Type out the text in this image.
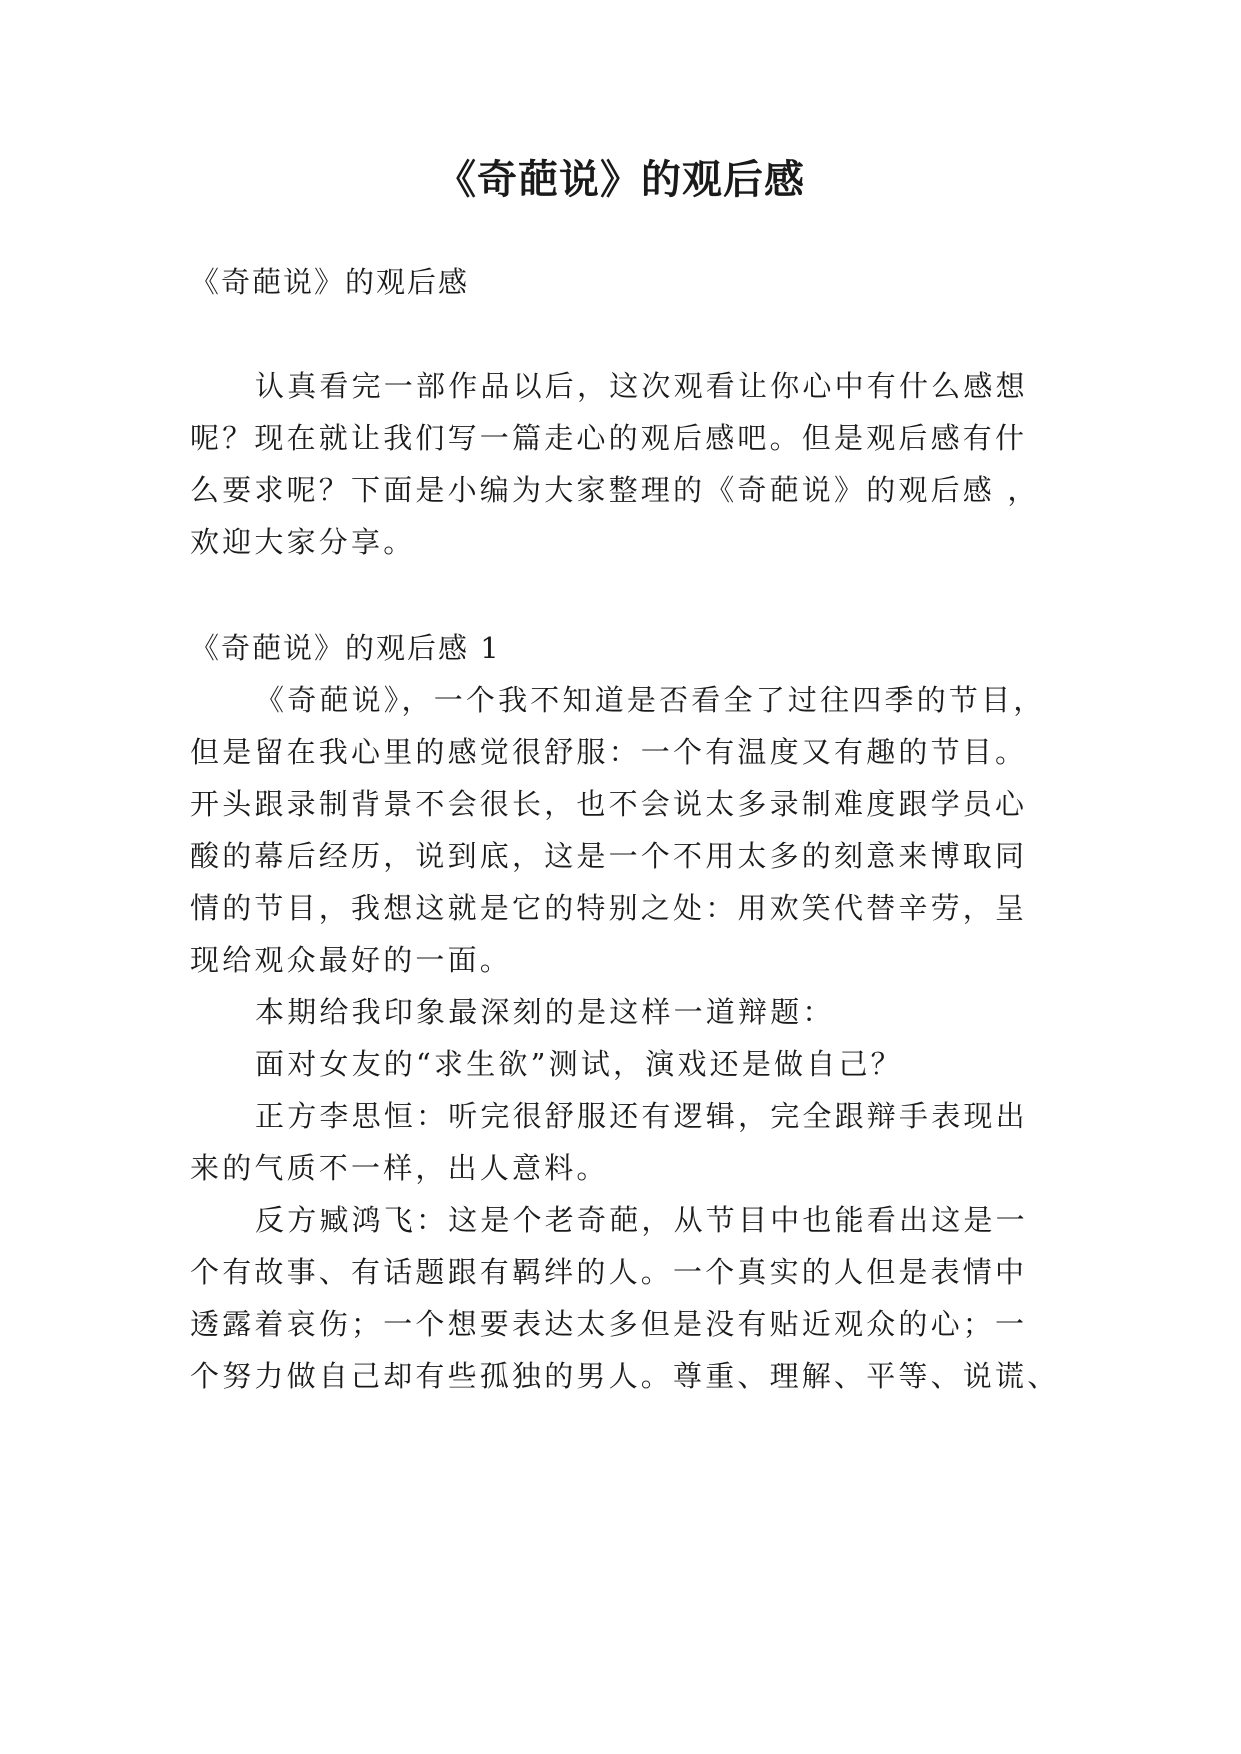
《奇葩说》的观后感

《奇葩说》的观后感

认真看完一部作品以后，这次观看让你心中有什么感想

呢？现在就让我们写一篇走心的观后感吧。但是观后感有什

么要求呢？下面是小编为大家整理的《奇葩说》的观后感 ，

欢迎大家分享。

《奇葩说》的观后感 1

《奇葩说》，一个我不知道是否看全了过往四季的节目，

但是留在我心里的感觉很舒服：一个有温度又有趣的节目。

开头跟录制背景不会很长，也不会说太多录制难度跟学员心

酸的幕后经历，说到底，这是一个不用太多的刻意来博取同

情的节目，我想这就是它的特别之处：用欢笑代替辛劳，呈

现给观众最好的一面。

本期给我印象最深刻的是这样一道辩题：

面对女友的“求生欲”测试，演戏还是做自己？

正方李思恒：听完很舒服还有逻辑，完全跟辩手表现出

来的气质不一样，出人意料。

反方臧鸿飞：这是个老奇葩，从节目中也能看出这是一

个有故事、有话题跟有羁绊的人。一个真实的人但是表情中

透露着哀伤；一个想要表达太多但是没有贴近观众的心；一

个努力做自己却有些孤独的男人。尊重、理解、平等、说谎、
